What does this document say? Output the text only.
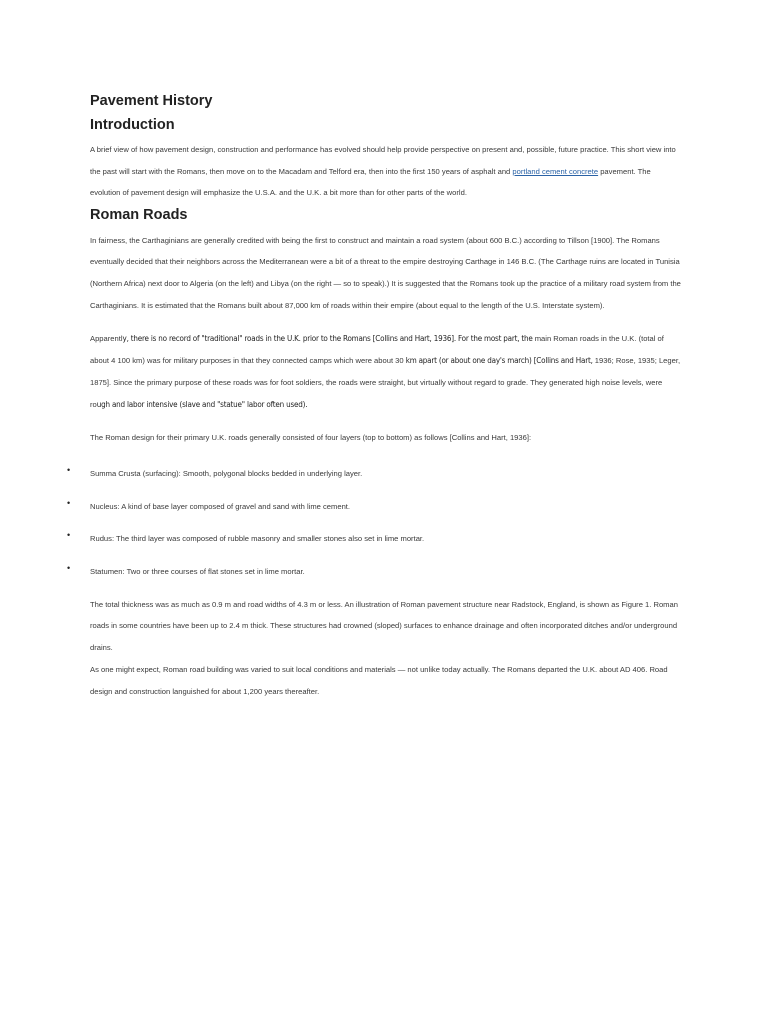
Pavement History
Introduction

A brief view of how pavement design, construction and performance has evolved should help provide perspective on present and, possible, future practice. This short view into the past will start with the Romans, then move on to the Macadam and Telford era, then into the first 150 years of asphalt and portland cement concrete pavement. The evolution of pavement design will emphasize the U.S.A. and the U.K. a bit more than for other parts of the world.

Roman Roads

In fairness, the Carthaginians are generally credited with being the first to construct and maintain a road system (about 600 B.C.) according to Tillson [1900]. The Romans eventually decided that their neighbors across the Mediterranean were a bit of a threat to the empire destroying Carthage in 146 B.C. (The Carthage ruins are located in Tunisia (Northern Africa) next door to Algeria (on the left) and Libya (on the right — so to speak).) It is suggested that the Romans took up the practice of a military road system from the Carthaginians. It is estimated that the Romans built about 87,000 km of roads within their empire (about equal to the length of the U.S. Interstate system).

Apparently, there is no record of "traditional" roads in the U.K. prior to the Romans [Collins and Hart, 1936]. For the most part, the main Roman roads in the U.K. (total of about 4 100 km) was for military purposes in that they connected camps which were about 30 km apart (or about one day's march) [Collins and Hart, 1936; Rose, 1935; Leger, 1875]. Since the primary purpose of these roads was for foot soldiers, the roads were straight, but virtually without regard to grade. They generated high noise levels, were rough and labor intensive (slave and "statue" labor often used).

The Roman design for their primary U.K. roads generally consisted of four layers (top to bottom) as follows [Collins and Hart, 1936]:

•	Summa Crusta (surfacing): Smooth, polygonal blocks bedded in underlying layer.
•	Nucleus: A kind of base layer composed of gravel and sand with lime cement.
•	Rudus: The third layer was composed of rubble masonry and smaller stones also set in lime mortar.
•	Statumen: Two or three courses of flat stones set in lime mortar.

The total thickness was as much as 0.9 m and road widths of 4.3 m or less. An illustration of Roman pavement structure near Radstock, England, is shown as Figure 1. Roman roads in some countries have been up to 2.4 m thick. These structures had crowned (sloped) surfaces to enhance drainage and often incorporated ditches and/or underground drains.

As one might expect, Roman road building was varied to suit local conditions and materials — not unlike today actually. The Romans departed the U.K. about AD 406. Road design and construction languished for about 1,200 years thereafter.
